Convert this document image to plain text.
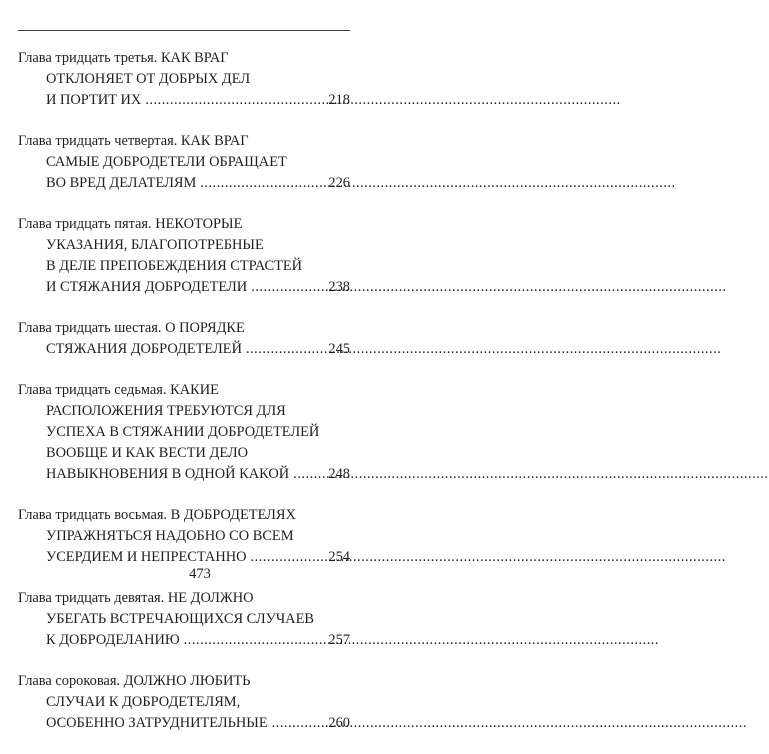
Глава тридцать третья. КАК ВРАГ
ОТКЛОНЯЕТ ОТ ДОБРЫХ ДЕЛ
И ПОРТИТ ИХ .....	218
Глава тридцать четвертая. КАК ВРАГ
САМЫЕ ДОБРОДЕТЕЛИ ОБРАЩАЕТ
ВО ВРЕД ДЕЛАТЕЛЯМ .....	226
Глава тридцать пятая. НЕКОТОРЫЕ
УКАЗАНИЯ, БЛАГОПОТРЕБНЫЕ
В ДЕЛЕ ПРЕПОБЕЖДЕНИЯ СТРАСТЕЙ
И СТЯЖАНИЯ ДОБРОДЕТЕЛИ .....	238
Глава тридцать шестая. О ПОРЯДКЕ
СТЯЖАНИЯ ДОБРОДЕТЕЛЕЙ .....	245
Глава тридцать седьмая. КАКИЕ
РАСПОЛОЖЕНИЯ ТРЕБУЮТСЯ ДЛЯ
УСПЕХА В СТЯЖАНИИ ДОБРОДЕТЕЛЕЙ
ВООБЩЕ И КАК ВЕСТИ ДЕЛО
НАВЫКНОВЕНИЯ В ОДНОЙ КАКОЙ .....	248
Глава тридцать восьмая. В ДОБРОДЕТЕЛЯХ
УПРАЖНЯТЬСЯ НАДОБНО СО ВСЕМ
УСЕРДИЕМ И НЕПРЕСТАННО .....	254
Глава тридцать девятая. НЕ ДОЛЖНО
УБЕГАТЬ ВСТРЕЧАЮЩИХСЯ СЛУЧАЕВ
К ДОБРОДЕЛАНИЮ .....	257
Глава сороковая. ДОЛЖНО ЛЮБИТЬ
СЛУЧАИ К ДОБРОДЕТЕЛЯМ,
ОСОБЕННО ЗАТРУДНИТЕЛЬНЫЕ .....	260
473
